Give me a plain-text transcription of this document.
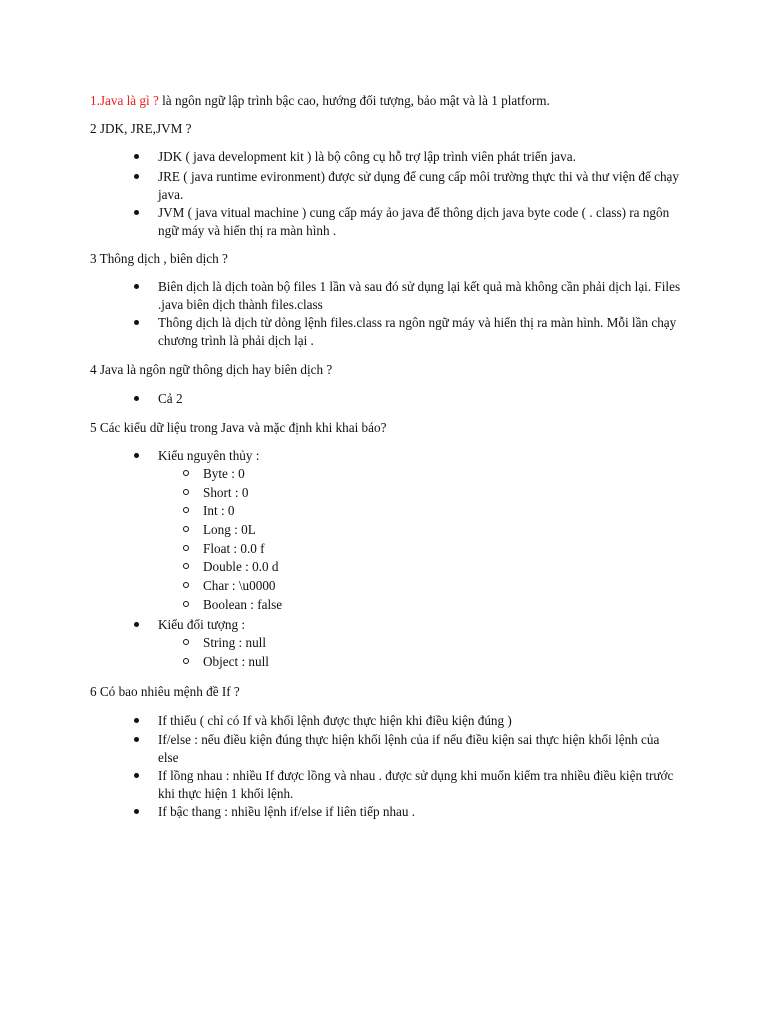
1.Java là gì ? là ngôn ngữ lập trình bậc cao, hướng đối tượng, bảo mật và là 1 platform.

2 JDK, JRE,JVM ?

JDK ( java development kit ) là bộ công cụ hỗ trợ lập trình viên phát triển java.
JRE ( java runtime evironment) được sử dụng để cung cấp môi trường thực thi và thư viện để chạy java.
JVM ( java vitual machine ) cung cấp máy ảo java để thông dịch java byte code ( . class) ra ngôn ngữ máy và hiển thị ra màn hình .

3 Thông dịch , biên dịch ?

Biên dịch là dịch toàn bộ files 1 lần và sau đó sử dụng lại kết quả mà không cần phải dịch lại. Files .java biên dịch thành files.class
Thông dịch là dịch từ dòng lệnh files.class ra ngôn ngữ máy và hiển thị ra màn hình. Mỗi lần chạy chương trình là phải dịch lại .

4 Java là ngôn ngữ thông dịch hay biên dịch ?

Cả 2

5 Các kiểu dữ liệu trong Java và mặc định khi khai báo?

Kiểu nguyên thủy :
Byte : 0
Short : 0
Int : 0
Long : 0L
Float : 0.0 f
Double : 0.0 d
Char : \u0000
Boolean : false
Kiểu đối tượng :
String : null
Object : null

6 Có bao nhiêu mệnh đề If ?

If thiếu ( chỉ có If và khối lệnh được thực hiện khi điều kiện đúng )
If/else : nếu điều kiện đúng thực hiện khối lệnh của if nếu điều kiện sai thực hiện khối lệnh của else
If lồng nhau : nhiều If được lồng và nhau . được sử dụng khi muốn kiểm tra nhiều điều kiện trước khi thực hiện 1 khối lệnh.
If bậc thang : nhiều lệnh if/else if liên tiếp nhau .
